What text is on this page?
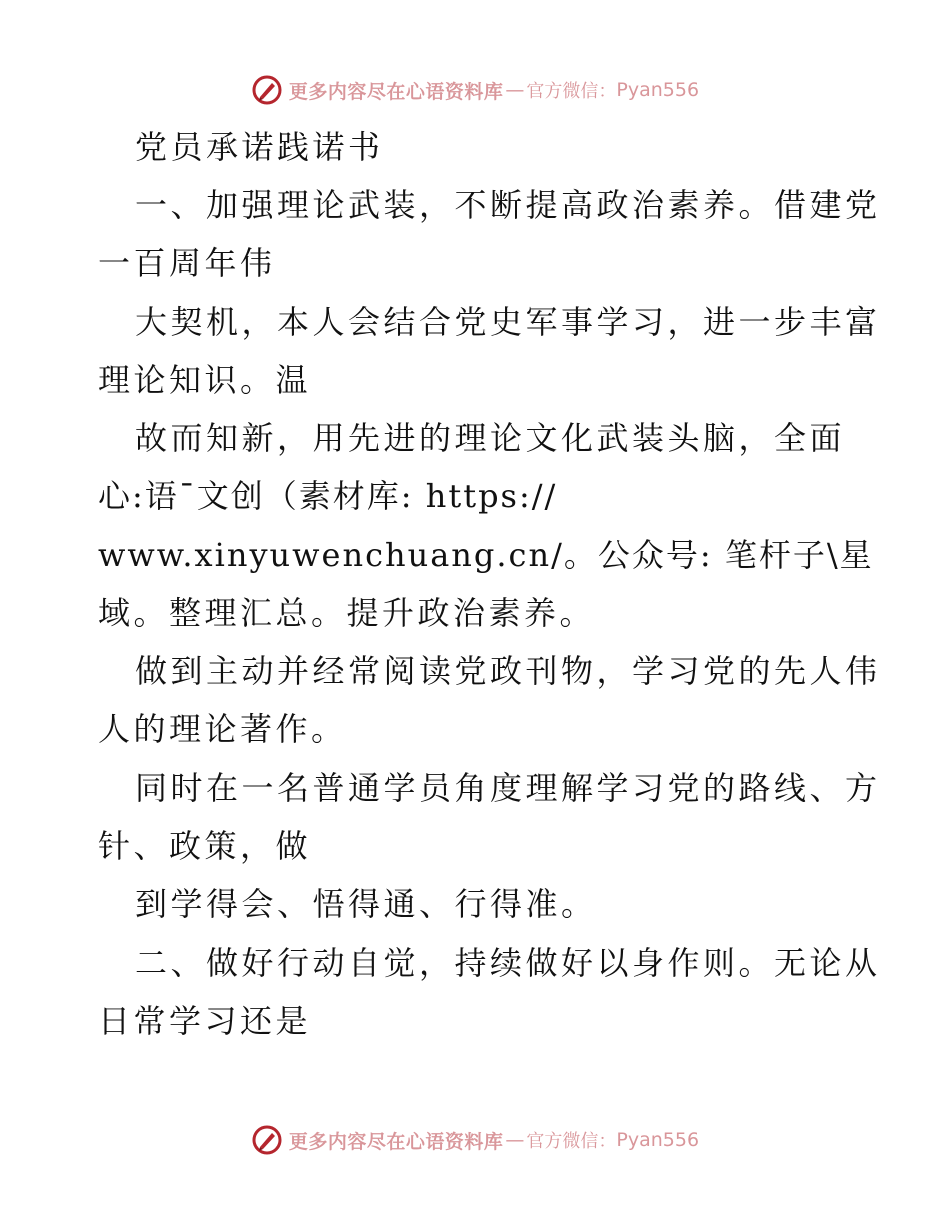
更多内容尽在心语资料库 — 官方微信： Pyan556
党员承诺践诺书
一、加强理论武装，不断提高政治素养。借建党
一百周年伟
大契机，本人会结合党史军事学习，进一步丰富
理论知识。温
故而知新，用先进的理论文化武装头脑，全面
心:语¯文创（素材库: https://
www.xinyuwenchuang.cn/。公众号: 笔杆子\星
域。整理汇总。提升政治素养。
做到主动并经常阅读党政刊物，学习党的先人伟
人的理论著作。
同时在一名普通学员角度理解学习党的路线、方
针、政策，做
到学得会、悟得通、行得准。
二、做好行动自觉，持续做好以身作则。无论从
日常学习还是
更多内容尽在心语资料库 — 官方微信： Pyan556
